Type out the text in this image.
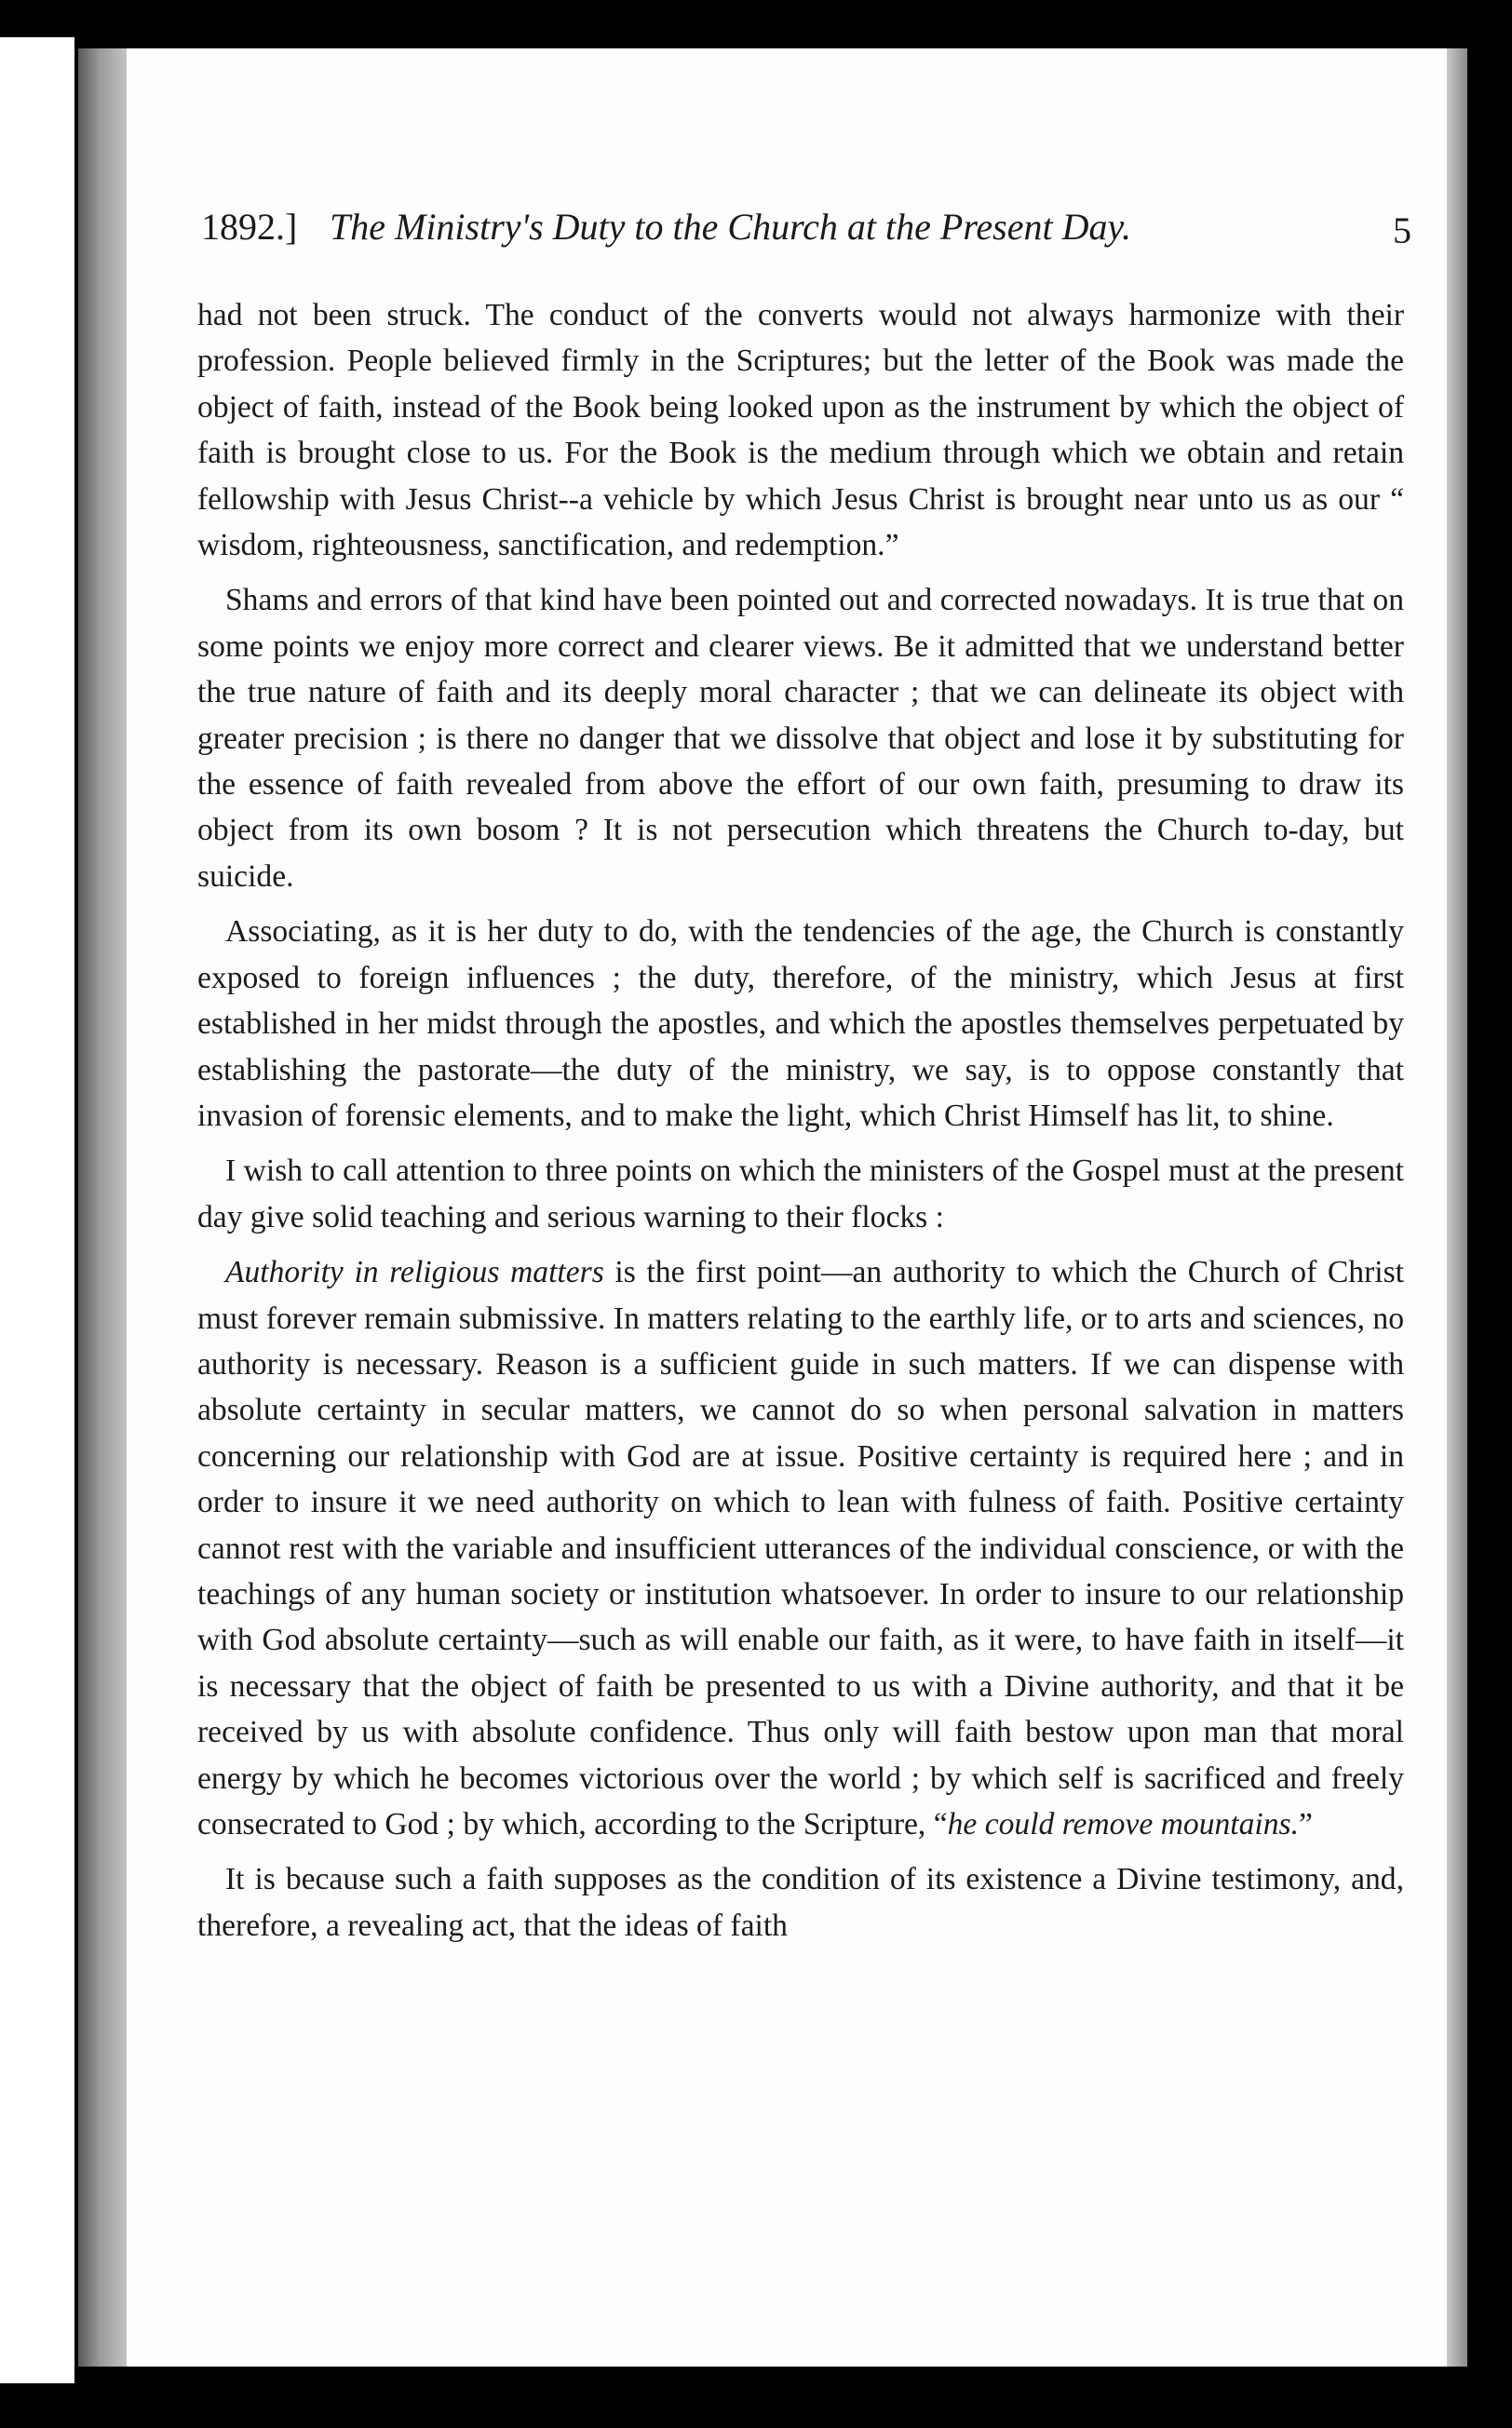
1892.] The Ministry's Duty to the Church at the Present Day.	5

had not been struck. The conduct of the converts would not always harmonize with their profession. People believed firmly in the Scriptures; but the letter of the Book was made the object of faith, instead of the Book being looked upon as the instrument by which the object of faith is brought close to us. For the Book is the medium through which we obtain and retain fellowship with Jesus Christ--a vehicle by which Jesus Christ is brought near unto us as our “ wisdom, righteousness, sanctification, and redemption.”

Shams and errors of that kind have been pointed out and corrected nowadays. It is true that on some points we enjoy more correct and clearer views. Be it admitted that we understand better the true nature of faith and its deeply moral character ; that we can delineate its object with greater precision ; is there no danger that we dissolve that object and lose it by substituting for the essence of faith revealed from above the effort of our own faith, presuming to draw its object from its own bosom ? It is not persecution which threatens the Church to-day, but suicide.

Associating, as it is her duty to do, with the tendencies of the age, the Church is constantly exposed to foreign influences ; the duty, therefore, of the ministry, which Jesus at first established in her midst through the apostles, and which the apostles themselves perpetuated by establishing the pastorate—the duty of the ministry, we say, is to oppose constantly that invasion of forensic elements, and to make the light, which Christ Himself has lit, to shine.

I wish to call attention to three points on which the ministers of the Gospel must at the present day give solid teaching and serious warning to their flocks :

Authority in religious matters is the first point—an authority to which the Church of Christ must forever remain submissive. In matters relating to the earthly life, or to arts and sciences, no authority is necessary. Reason is a sufficient guide in such matters. If we can dispense with absolute certainty in secular matters, we cannot do so when personal salvation in matters concerning our relationship with God are at issue. Positive certainty is required here ; and in order to insure it we need authority on which to lean with fulness of faith. Positive certainty cannot rest with the variable and insufficient utterances of the individual conscience, or with the teachings of any human society or institution whatsoever. In order to insure to our relationship with God absolute certainty—such as will enable our faith, as it were, to have faith in itself—it is necessary that the object of faith be presented to us with a Divine authority, and that it be received by us with absolute confidence. Thus only will faith bestow upon man that moral energy by which he becomes victorious over the world ; by which self is sacrificed and freely consecrated to God ; by which, according to the Scripture, “he could remove mountains.”

It is because such a faith supposes as the condition of its existence a Divine testimony, and, therefore, a revealing act, that the ideas of faith
